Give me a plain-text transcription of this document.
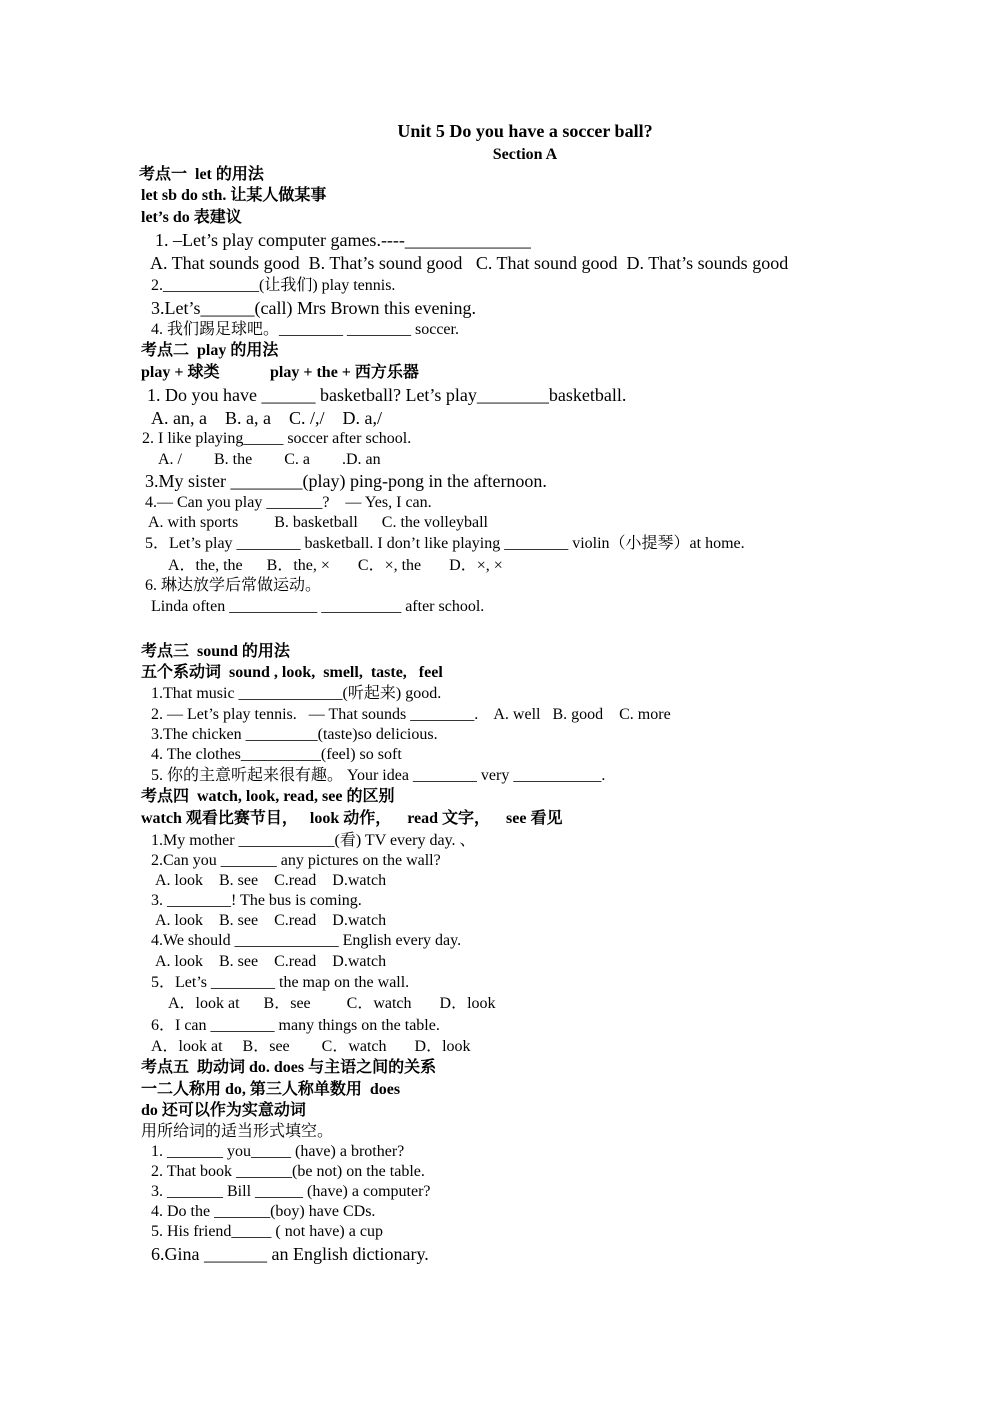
Unit 5 Do you have a soccer ball?
Section A
考点一  let 的用法
let sb do sth. 让某人做某事
let’s do 表建议
1. –Let’s play computer games.----______________
A. That sounds good  B. That’s sound good   C. That sound good  D. That’s sounds good
2.____________(让我们) play tennis.
3.Let’s______(call) Mrs Brown this evening.
4. 我们踢足球吧。________ ________ soccer.
考点二  play 的用法
play + 球类	play + the + 西方乐器
1. Do you have ______ basketball? Let’s play________basketball.
A. an, a    B. a, a    C. /,/    D. a,/
2. I like playing_____ soccer after school.
A. /        B. the        C. a        .D. an
3.My sister ________(play) ping-pong in the afternoon.
4.— Can you play _______?    — Yes, I can.
A. with sports         B. basketball      C. the volleyball
5．Let’s play ________ basketball. I don’t like playing ________ violin（小提琴）at home.
A．the, the      B．the, ×       C．×, the       D．×, ×
6. 琳达放学后常做运动。
Linda often ___________ __________ after school.
考点三  sound 的用法
五个系动词  sound , look,  smell,  taste,   feel
1.That music _____________(听起来) good.
2. — Let’s play tennis.   — That sounds ________.    A. well   B. good    C. more
3.The chicken _________(taste)so delicious.
4. The clothes__________(feel) so soft
5. 你的主意听起来很有趣。 Your idea ________ very ___________.
考点四  watch, look, read, see 的区别
watch 观看比赛节目，   look 动作，    read 文字，    see 看见
1.My mother ____________(看) TV every day. 、
2.Can you _______ any pictures on the wall?
A. look    B. see    C.read    D.watch
3. ________! The bus is coming.
A. look    B. see    C.read    D.watch
4.We should _____________ English every day.
A. look    B. see    C.read    D.watch
5．Let’s ________ the map on the wall.
A．look at      B．see         C．watch       D．look
6．I can ________ many things on the table.
A．look at     B．see        C．watch       D．look
考点五  助动词 do. does 与主语之间的关系
一二人称用 do, 第三人称单数用  does
do 还可以作为实意动词
用所给词的适当形式填空。
1. _______ you_____ (have) a brother?
2. That book _______(be not) on the table.
3. _______ Bill ______ (have) a computer?
4. Do the _______(boy) have CDs.
5. His friend_____ ( not have) a cup
6.Gina _______ an English dictionary.
